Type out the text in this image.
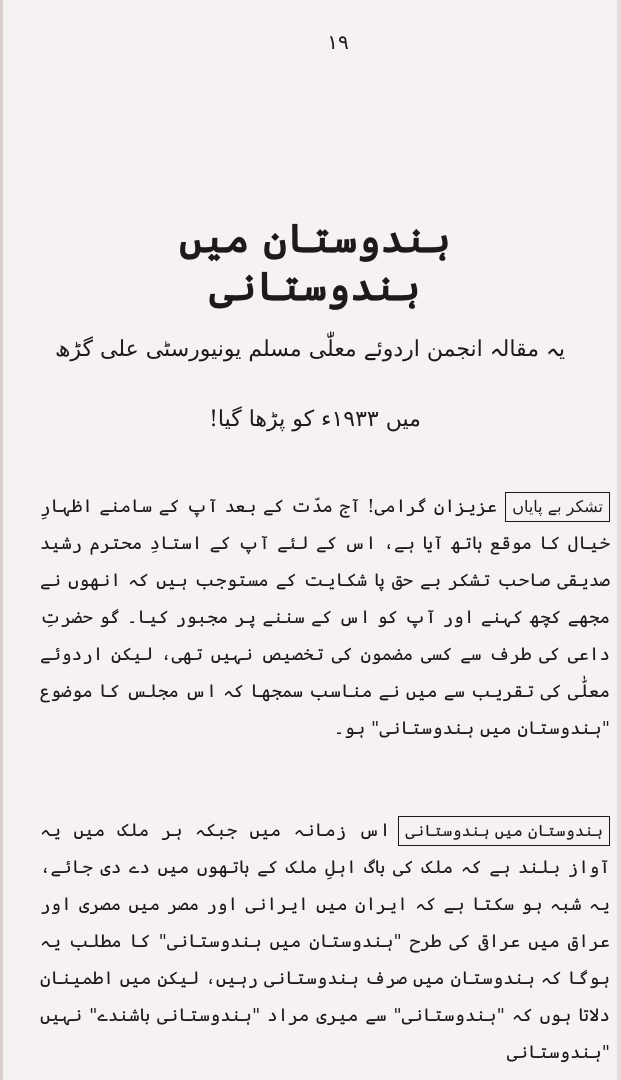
۱۹
ہندوستان میں ہندوستانی
یہ مقالہ انجمن اردوئے معلّٰی مسلم یونیورسٹی علی گڑھ
میں ۱۹۳۳ء کو پڑھا گیا!
تشکر بے پایاں
عزیزانِ گرامی! آج مدّت کے بعد آپ کے سامنے اظہارِ خیال کا موقع ہاتھ آیا ہے، اس کے لئے آپ کے استادِ محترم رشید صدیقی صاحب تشکر بے حق پا شکایت کے مستوجب ہیں کہ انھوں نے مجھے کچھ کہنے اور آپ کو اس کے سننے پر مجبور کیا۔ گو حضرتِ داعی کی طرف سے کسی مضمون کی تخصیص نہیں تھی، لیکن اردوئے معلّٰی کی تقریب سے میں نے مناسب سمجھا کہ اس مجلس کا موضوع "ہندوستان میں ہندوستانی" ہو۔
ہندوستان میں ہندوستانی
اس زمانہ میں جبکہ ہر ملک میں یہ آواز بلند ہے کہ ملک کی باگ اہلِ ملک کے ہاتھوں میں دے دی جائے، یہ شبہ ہو سکتا ہے کہ ایران میں ایرانی اور مصر میں مصری اور عراق میں عراقی کی طرح "ہندوستان میں ہندوستانی" کا مطلب یہ ہوگا کہ ہندوستان میں صرف ہندوستانی رہیں، لیکن میں اطمینان دلاتا ہوں کہ "ہندوستانی" سے میری مراد "ہندوستانی باشندے" نہیں "ہندوستانی
